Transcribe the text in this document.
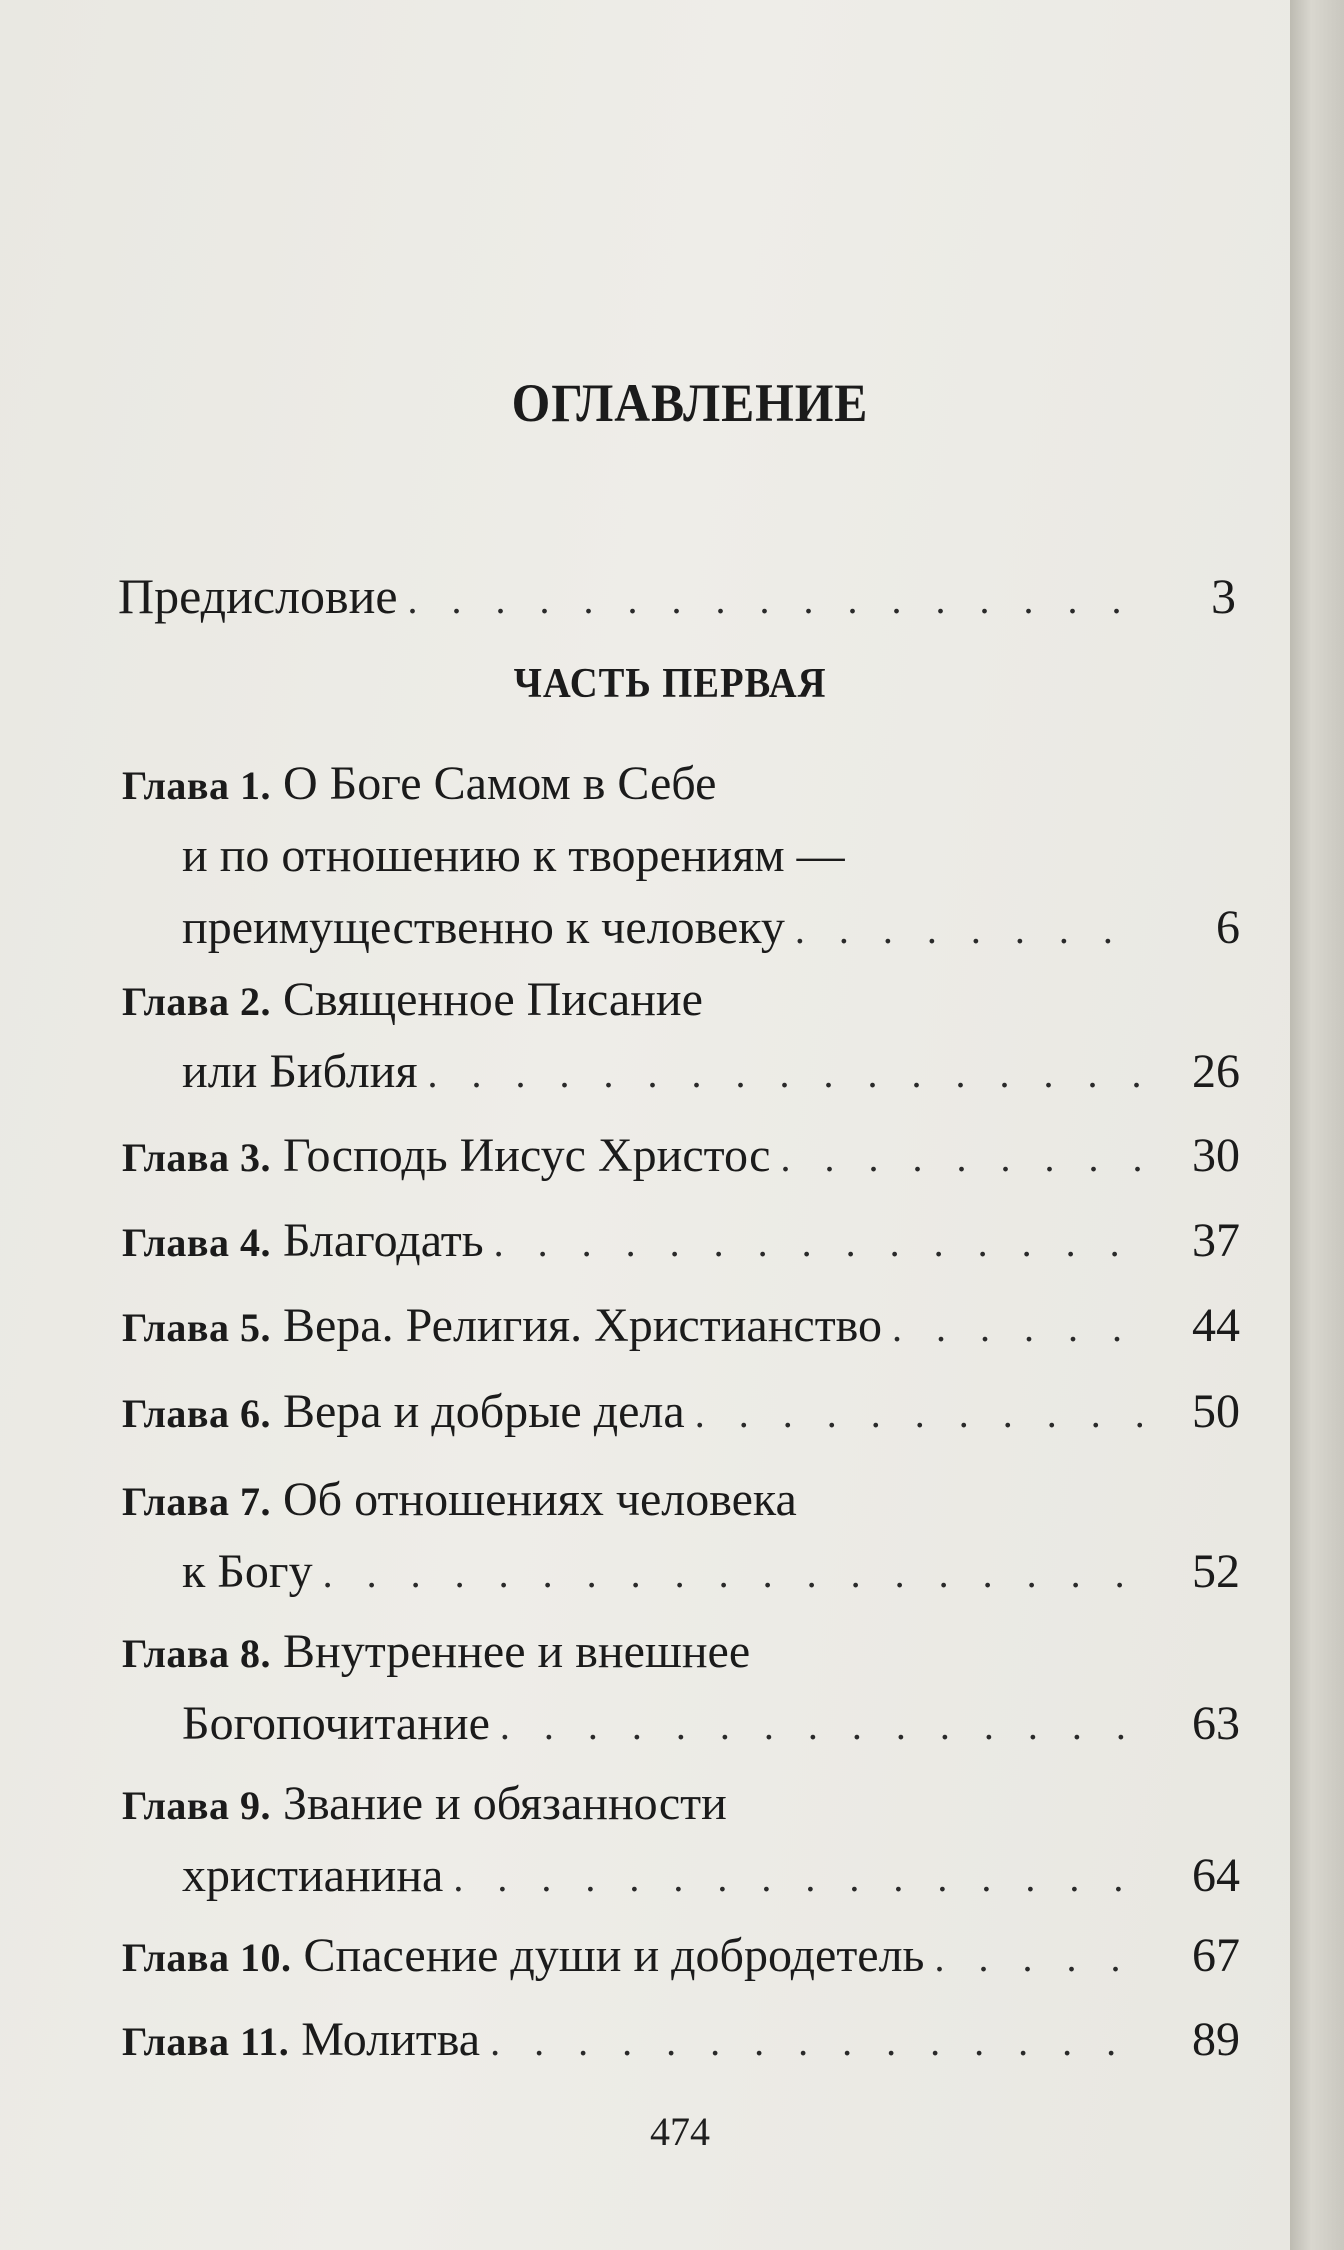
ОГЛАВЛЕНИЕ
Предисловие . . .	3
ЧАСТЬ ПЕРВАЯ
Глава 1. О Боге Самом в Себе
и по отношению к творениям —
преимущественно к человеку . . .	6
Глава 2. Священное Писание
или Библия . . .	26
Глава 3. Господь Иисус Христос . . .	30
Глава 4. Благодать . . .	37
Глава 5. Вера. Религия. Христианство . . .	44
Глава 6. Вера и добрые дела . . .	50
Глава 7. Об отношениях человека
к Богу . . .	52
Глава 8. Внутреннее и внешнее
Богопочитание . . .	63
Глава 9. Звание и обязанности
христианина . . .	64
Глава 10. Спасение души и добродетель . . .	67
Глава 11. Молитва . . .	89
474
